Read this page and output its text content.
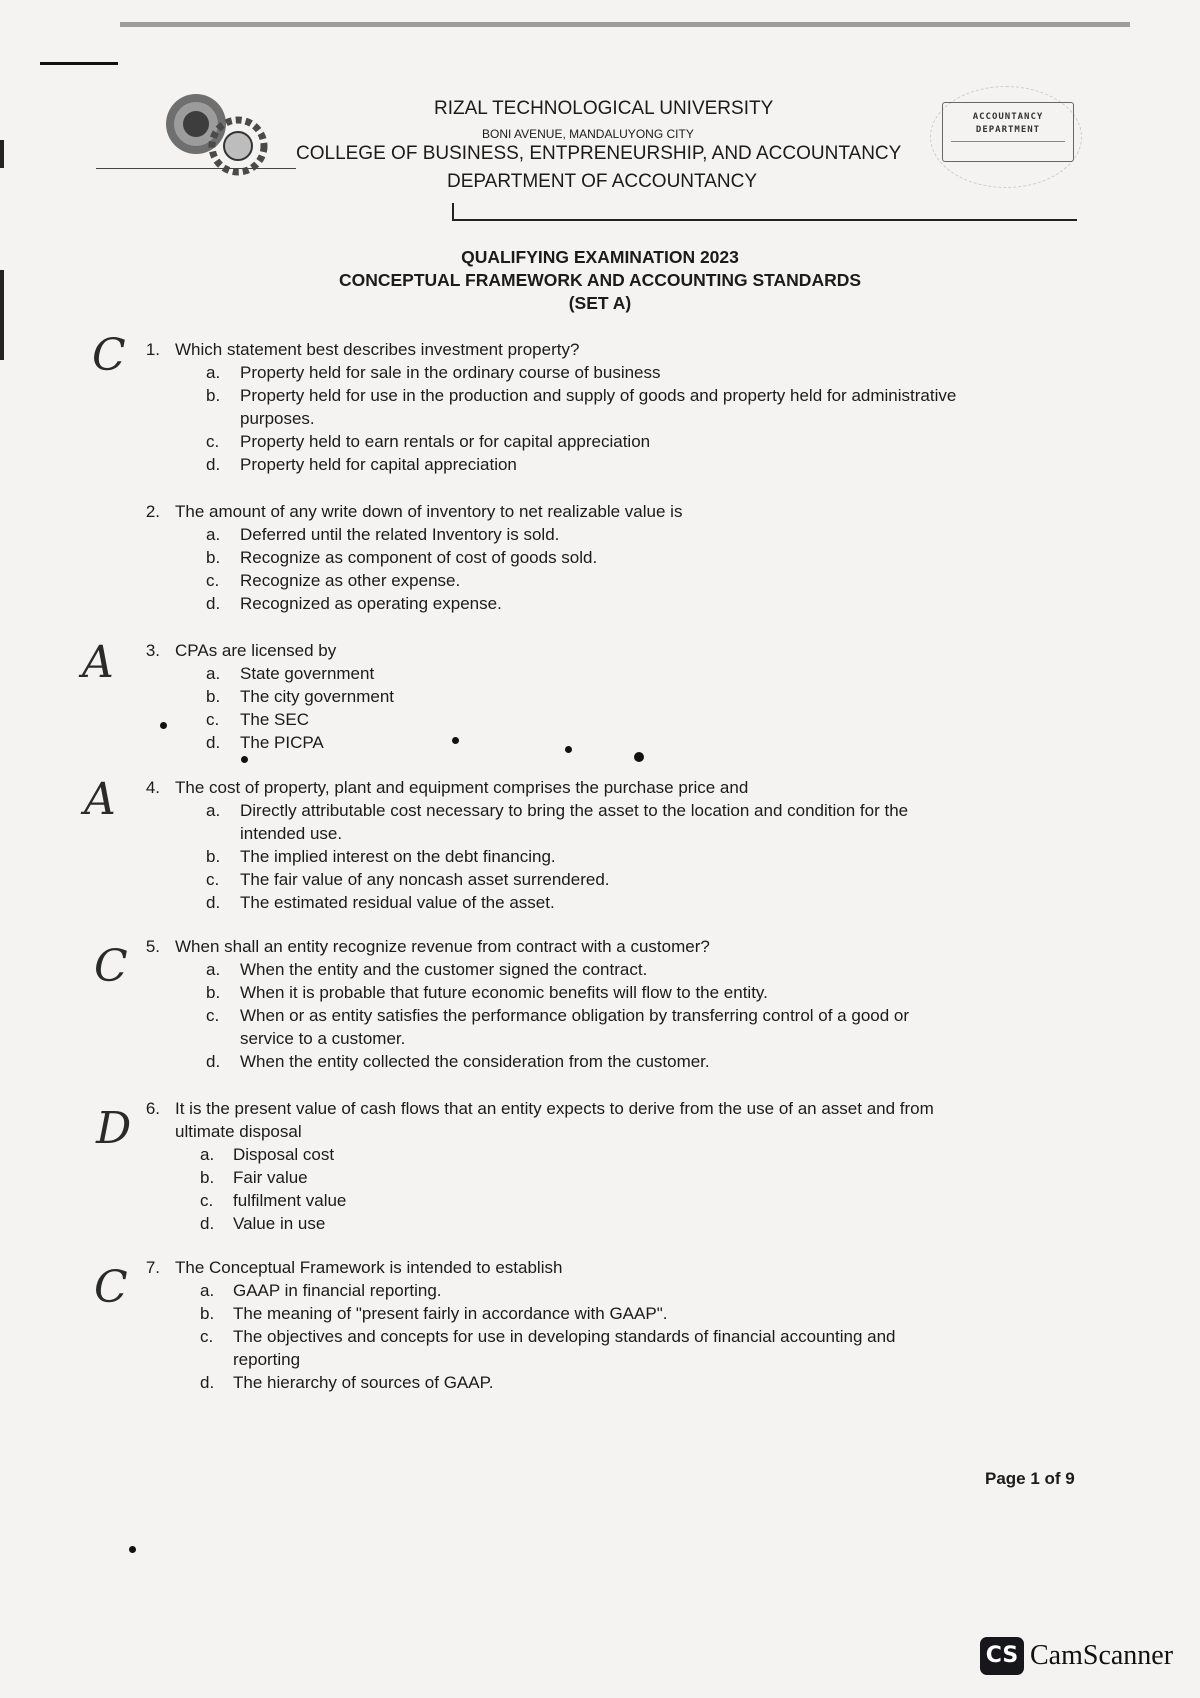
RIZAL TECHNOLOGICAL UNIVERSITY
BONI AVENUE, MANDALUYONG CITY
COLLEGE OF BUSINESS, ENTPRENEURSHIP, AND ACCOUNTANCY
DEPARTMENT OF ACCOUNTANCY
ACCOUNTANCY
DEPARTMENT
QUALIFYING EXAMINATION 2023
CONCEPTUAL FRAMEWORK AND ACCOUNTING STANDARDS
(SET A)
1. Which statement best describes investment property?
a.	Property held for sale in the ordinary course of business
b.	Property held for use in the production and supply of goods and property held for administrative
purposes.
c.	Property held to earn rentals or for capital appreciation
d.	Property held for capital appreciation
C
2. The amount of any write down of inventory to net realizable value is
a.	Deferred until the related Inventory is sold.
b.	Recognize as component of cost of goods sold.
c.	Recognize as other expense.
d.	Recognized as operating expense.
3. CPAs are licensed by
a.	State government
b.	The city government
c.	The SEC
d.	The PICPA
A
4. The cost of property, plant and equipment comprises the purchase price and
a.	Directly attributable cost necessary to bring the asset to the location and condition for the
intended use.
b.	The implied interest on the debt financing.
c.	The fair value of any noncash asset surrendered.
d.	The estimated residual value of the asset.
A
5. When shall an entity recognize revenue from contract with a customer?
a.	When the entity and the customer signed the contract.
b.	When it is probable that future economic benefits will flow to the entity.
c.	When or as entity satisfies the performance obligation by transferring control of a good or
service to a customer.
d.	When the entity collected the consideration from the customer.
C
6. It is the present value of cash flows that an entity expects to derive from the use of an asset and from
ultimate disposal
a.	Disposal cost
b.	Fair value
c.	fulfilment value
d.	Value in use
D
7. The Conceptual Framework is intended to establish
a.	GAAP in financial reporting.
b.	The meaning of "present fairly in accordance with GAAP".
c.	The objectives and concepts for use in developing standards of financial accounting and
reporting
d.	The hierarchy of sources of GAAP.
C
Page 1 of 9
CS CamScanner
